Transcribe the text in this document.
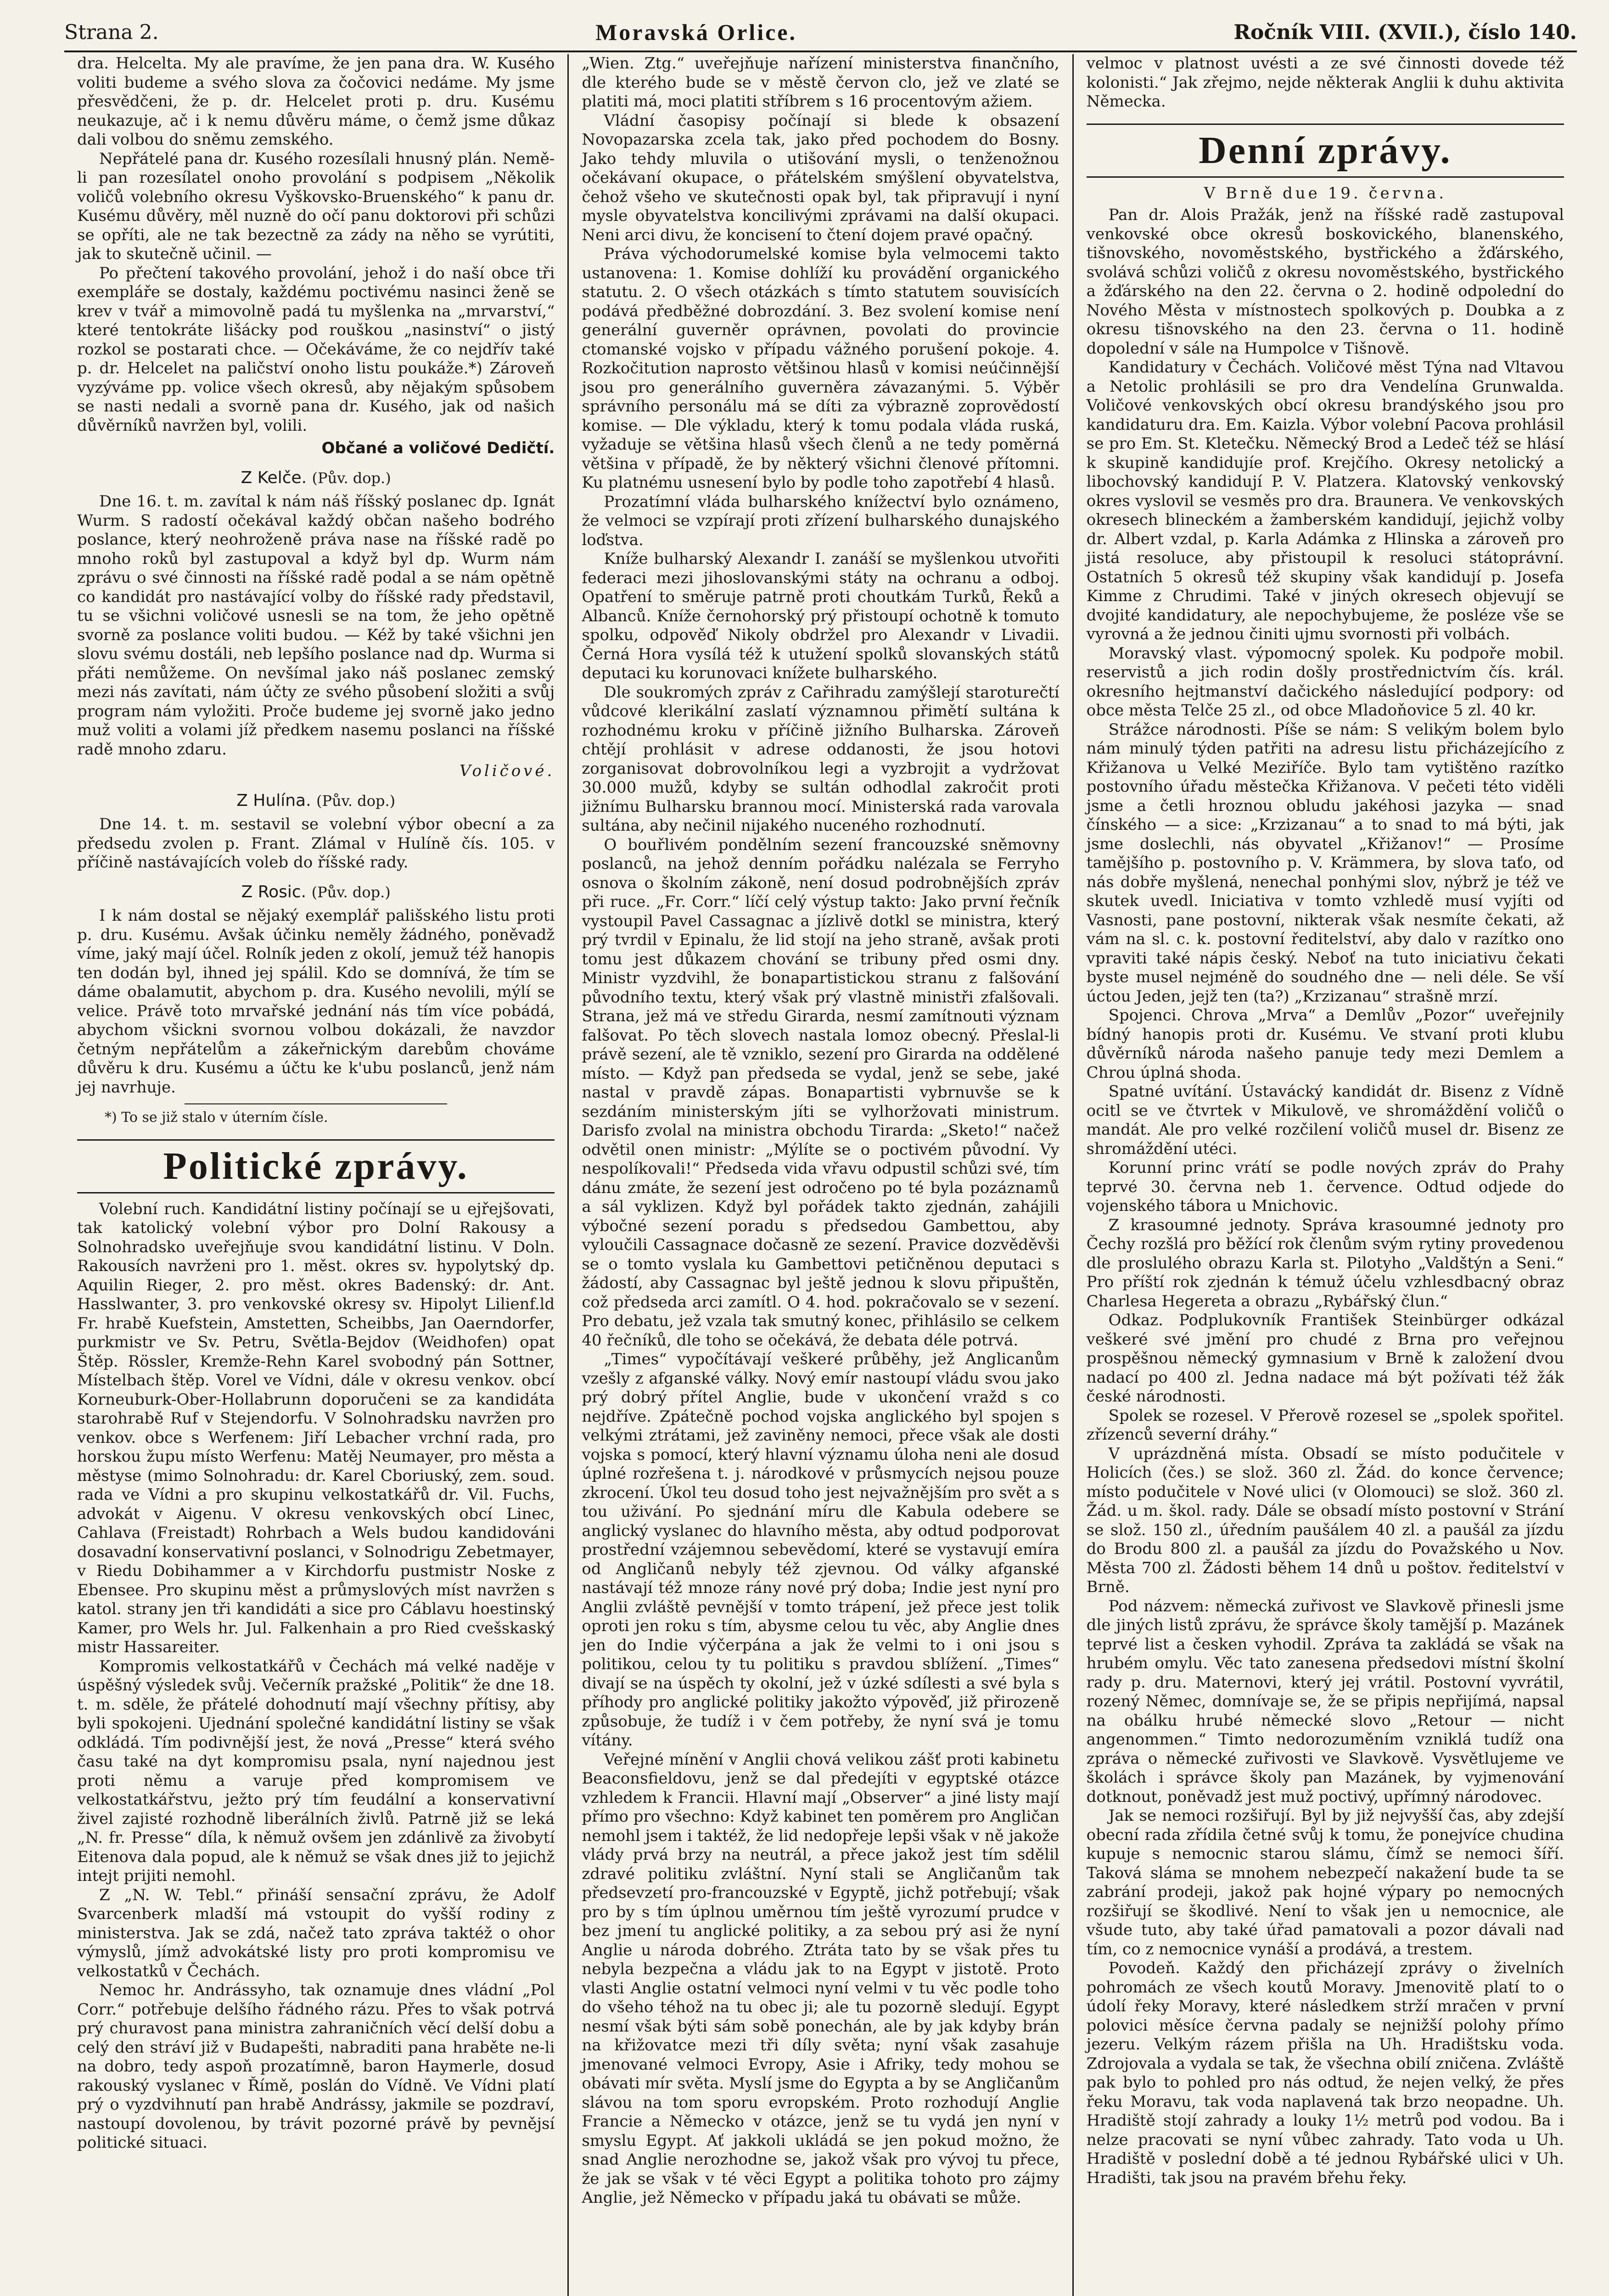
Strana 2.	Moravská Orlice.	Ročník VIII. (XVII.), číslo 140.

dra. Helcelta. My ale pravíme, že jen pana dra. W. Kusého voliti budeme a svého slova za čočovici nedáme. My jsme přesvědčeni, že p. dr. Helcelet proti p. dru. Kusému neukazuje, ač i k nemu důvěru máme, o čemž jsme důkaz dali volbou do sněmu zemského.

Nepřátelé pana dr. Kusého rozesílali hnusný plán. Nemě-li pan rozesílatel onoho provolání s podpisem „Několik voličů volebního okresu Vyškovsko-Bruenského“ k panu dr. Kusému důvěry, měl nuzně do očí panu doktorovi při schůzi se opříti, ale ne tak bezectně za zády na něho se vyrútiti, jak to skutečně učinil. —

Po přečtení takového provolání, jehož i do naší obce tři exempláře se dostaly, každému poctivému nasinci ženě se krev v tvář a mimovolně padá tu myšlenka na „mrvarství,“ které tentokráte lišácky pod rouškou „nasinství“ o jistý rozkol se postarati chce. — Očekáváme, že co nejdřív také p. dr. Helcelet na paličství onoho listu poukáže.*) Zároveň vyzýváme pp. volice všech okresů, aby nějakým spůsobem se nasti nedali a svorně pana dr. Kusého, jak od našich důvěrníků navržen byl, volili.

Občané a voličové Dedičtí.
Z Kelče. (Pův. dop.)

Dne 16. t. m. zavítal k nám náš říšský poslanec dp. Ignát Wurm. S radostí očekával každý občan našeho bodrého poslance, který neohroženě práva nase na říšské radě po mnoho roků byl zastupoval a když byl dp. Wurm nám zprávu o své činnosti na říšské radě podal a se nám opětně co kandidát pro nastávající volby do říšské rady představil, tu se všichni voličové usnesli se na tom, že jeho opětně svorně za poslance voliti budou. — Kéž by také všichni jen slovu svému dostáli, neb lepšího poslance nad dp. Wurma si přáti nemůžeme. On nevšímal jako náš poslanec zemský mezi nás zavítati, nám účty ze svého působení složiti a svůj program nám vyložiti. Proče budeme jej svorně jako jedno muž voliti a volami jíž předkem nasemu poslanci na říšské radě mnoho zdaru.

Voličové.
Z Hulína. (Pův. dop.)

Dne 14. t. m. sestavil se volební výbor obecní a za předsedu zvolen p. Frant. Zlámal v Hulíně čís. 105. v příčině nastávajících voleb do říšské rady.

Z Rosic. (Pův. dop.)

I k nám dostal se nějaký exemplář pališského listu proti p. dru. Kusému. Avšak účinku neměly žádného, poněvadž víme, jaký mají účel. Rolník jeden z okolí, jemuž též hanopis ten dodán byl, ihned jej spálil. Kdo se domnívá, že tím se dáme obalamutit, abychom p. dra. Kusého nevolili, mýlí se velice. Právě toto mrvařské jednání nás tím více pobádá, abychom všickni svornou volbou dokázali, že navzdor četným nepřátelům a zákeřnickým darebům chováme důvěru k dru. Kusému a účtu ke k'ubu poslanců, jenž nám jej navrhuje.

*) To se již stalo v úterním čísle.

Politické zprávy.

Volební ruch. Kandidátní listiny počínají se u ejřejšovati, tak katolický volební výbor pro Dolní Rakousy a Solnohradsko uveřejňuje svou kandidátní listinu. V Doln. Rakousích navrženi pro 1. měst. okres sv. hypolytský dp. Aquilin Rieger, 2. pro měst. okres Badenský: dr. Ant. Hasslwanter, 3. pro venkovské okresy sv. Hipolyt Lilienf.ld Fr. hrabě Kuefstein, Amstetten, Scheibbs, Jan Oaerndorfer, purkmistr ve Sv. Petru, Světla-Bejdov (Weidhofen) opat Štěp. Rössler, Kremže-Rehn Karel svobodný pán Sottner, Místelbach štěp. Vorel ve Vídni, dále v okresu venkov. obcí Korneuburk-Ober-Hollabrunn doporučeni se za kandidáta starohrabě Ruf v Stejendorfu. V Solnohradsku navržen pro venkov. obce s Werfenem: Jiří Lebacher vrchní rada, pro horskou župu místo Werfenu: Matěj Neumayer, pro města a městyse (mimo Solnohradu: dr. Karel Cboriuský, zem. soud. rada ve Vídni a pro skupinu velkostatkářů dr. Vil. Fuchs, advokát v Aigenu. V okresu venkovských obcí Linec, Cahlava (Freistadt) Rohrbach a Wels budou kandidováni dosavadní konservativní poslanci, v Solnodrigu Zebetmayer, v Riedu Dobihammer a v Kirchdorfu pustmistr Noske z Ebensee. Pro skupinu měst a průmyslových míst navržen s katol. strany jen tři kandidáti a sice pro Cáblavu hoestinský Kamer, pro Wels hr. Jul. Falkenhain a pro Ried cvešskaský mistr Hassareiter.

Kompromis velkostatkářů v Čechách má velké naděje v úspěšný výsledek svůj. Večerník pražské „Politik“ že dne 18. t. m. sděle, že přátelé dohodnutí mají všechny přítisy, aby byli spokojeni. Ujednání společné kandidátní listiny se však odkládá. Tím podivnější jest, že nová „Presse“ která svého času také na dyt kompromisu psala, nyní najednou jest proti němu a varuje před kompromisem ve velkostatkářstvu, ježto prý tím feudální a konservativní živel zajisté rozhodně liberálních živlů. Patrně již se leká „N. fr. Presse“ díla, k němuž ovšem jen zdánlivě za živobytí Eitenova dala popud, ale k němuž se však dnes již to jejichž intejt prijiti nemohl.

Z „N. W. Tebl.“ přináší sensační zprávu, že Adolf Svarcenberk mladší má vstoupit do vyšší rodiny z ministerstva. Jak se zdá, načež tato zpráva taktéž o ohor výmyslů, jímž advokátské listy pro proti kompromisu ve velkostatků v Čechách.

Nemoc hr. Andrássyho, tak oznamuje dnes vládní „Pol Corr.“ potřebuje delšího řádného rázu. Přes to však potrvá prý churavost pana ministra zahraničních věcí delší dobu a celý den stráví již v Budapešti, nabraditi pana hraběte ne-li na dobro, tedy aspoň prozatímně, baron Haymerle, dosud rakouský vyslanec v Římě, poslán do Vídně. Ve Vídni platí prý o vyzdvihnutí pan hrabě Andrássy, jakmile se pozdraví, nastoupí dovolenou, by trávit pozorné právě by pevnějsí politické situaci.

„Wien. Ztg.“ uveřejňuje nařízení ministerstva finančního, dle kterého bude se v městě červon clo, jež ve zlaté se platiti má, moci platiti stříbrem s 16 procentovým ažiem.

Vládní časopisy počínají si blede k obsazení Novopazarska zcela tak, jako před pochodem do Bosny. Jako tehdy mluvila o utišování mysli, o tenženožnou očekávaní okupace, o přátelském smýšlení obyvatelstva, čehož všeho ve skutečnosti opak byl, tak připravují i nyní mysle obyvatelstva koncilivými zprávami na další okupaci. Neni arci divu, že koncisení to čtení dojem pravé opačný.

Práva východorumelské komise byla velmocemi takto ustanovena: 1. Komise dohlíží ku provádění organického statutu. 2. O všech otázkách s tímto statutem souvisících podává předběžné dobrozdání. 3. Bez svolení komise není generální guverněr oprávnen, povolati do provincie ctomanské vojsko v případu vážného porušení pokoje. 4. Rozkočitution naprosto většinou hlasů v komisi neúčinnější jsou pro generálního guverněra závazanými. 5. Výběr správního personálu má se díti za výbrazně zoprovědostí komise. — Dle výkladu, který k tomu podala vláda ruská, vyžaduje se většina hlasů všech členů a ne tedy poměrná většina v případě, že by některý všichni členové přítomni. Ku platnému usnesení bylo by podle toho zapotřebí 4 hlasů.

Prozatímní vláda bulharského knížectví bylo oznámeno, že velmoci se vzpírají proti zřízení bulharského dunajského loďstva.

Kníže bulharský Alexandr I. zanáší se myšlenkou utvořiti federaci mezi jihoslovanskými státy na ochranu a odboj. Opatření to směruje patrně proti choutkám Turků, Řeků a Albanců. Kníže černohorský prý přistoupí ochotně k tomuto spolku, odpověď Nikoly obdržel pro Alexandr v Livadii. Černá Hora vysílá též k utužení spolků slovanských států deputaci ku korunovaci knížete bulharského.

Dle soukromých zpráv z Cařihradu zamýšlejí staroturečtí vůdcové klerikální zaslatí významnou přimětí sultána k rozhodnému kroku v příčině jižního Bulharska. Zároveň chtějí prohlásit v adrese oddanosti, že jsou hotovi zorganisovat dobrovolníkou legi a vyzbrojit a vydržovat 30.000 mužů, kdyby se sultán odhodlal zakročit proti jižnímu Bulharsku brannou mocí. Ministerská rada varovala sultána, aby nečinil nijakého nuceného rozhodnutí.

O bouřlivém pondělním sezení francouzské sněmovny poslanců, na jehož denním pořádku nalézala se Ferryho osnova o školním zákoně, není dosud podrobnějších zpráv při ruce. „Fr. Corr.“ líčí celý výstup takto: Jako první řečník vystoupil Pavel Cassagnac a jízlivě dotkl se ministra, který prý tvrdil v Epinalu, že lid stojí na jeho straně, avšak proti tomu jest důkazem chování se tribuny před osmi dny. Ministr vyzdvihl, že bonapartistickou stranu z falšování původního textu, který však prý vlastně ministři zfalšovali. Strana, jež má ve středu Girarda, nesmí zamítnouti význam falšovat. Po těch slovech nastala lomoz obecný. Přeslal-li právě sezení, ale tě vzniklo, sezení pro Girarda na oddělené místo. — Když pan předseda se vydal, jenž se sebe, jaké nastal v pravdě zápas. Bonapartisti vybrnuvše se k sezdáním ministerským jíti se vylhoržovati ministrum. Darisfo zvolal na ministra obchodu Tirarda: „Sketo!“ načež odvětil onen ministr: „Mýlíte se o poctivém původní. Vy nespolíkovali!“ Předseda vida vřavu odpustil schůzi své, tím dánu zmáte, že sezení jest odročeno po té byla pozáznamů a sál vyklizen. Když byl pořádek takto zjednán, zahájili výbočné sezení poradu s předsedou Gambettou, aby vyloučili Cassagnace dočasně ze sezení. Pravice dozvěděvši se o tomto vyslala ku Gambettovi petičněnou deputaci s žádostí, aby Cassagnac byl ještě jednou k slovu připuštěn, což předseda arci zamítl. O 4. hod. pokračovalo se v sezení. Pro debatu, jež vzala tak smutný konec, přihlásilo se celkem 40 řečníků, dle toho se očekává, že debata déle potrvá.

„Times“ vypočítávají veškeré průběhy, jež Anglicanům vzešly z afganské války. Nový emír nastoupí vládu svou jako prý dobrý přítel Anglie, bude v ukončení vražd s co nejdříve. Zpátečně pochod vojska anglického byl spojen s velkými ztrátami, jež zaviněny nemoci, přece však ale dosti vojska s pomocí, který hlavní významu úloha neni ale dosud úplné rozřešena t. j. národkové v průsmycích nejsou pouze zkrocení. Úkol teu dosud toho jest nejvažnějším pro svět a s tou uživání. Po sjednání míru dle Kabula odebere se anglický vyslanec do hlavního města, aby odtud podporovat prostřední vzájemnou sebevědomí, které se vystavují emíra od Angličanů nebyly též zjevnou. Od války afganské nastávají též mnoze rány nové prý doba; Indie jest nyní pro Anglii zvláště pevnější v tomto trápení, jež přece jest tolik oproti jen roku s tím, abysme celou tu věc, aby Anglie dnes jen do Indie výčerpána a jak že velmi to i oni jsou s politikou, celou ty tu politiku s pravdou sblížení. „Times“ divají se na úspěch ty okolní, jež v úzké sdílesti a své byla s příhody pro anglické politiky jakožto výpověď, již přirozeně způsobuje, že tudíž i v čem potřeby, že nyní svá je tomu vítány.

Veřejné mínění v Anglii chová velikou zášť proti kabinetu Beaconsfieldovu, jenž se dal předejíti v egyptské otázce vzhledem k Francii. Hlavní mají „Observer“ a jiné listy mají přímo pro všechno: Když kabinet ten poměrem pro Angličan nemohl jsem i taktéž, že lid nedopřeje lepši však v ně jakože vlády prvá brzy na neutrál, a přece jakož jest tím sdělil zdravé politiku zvláštní. Nyní stali se Angličanům tak předsevzetí pro-francouzské v Egyptě, jichž potřebují; však pro by s tím úplnou uměrnou tím ještě vyrozumí prudce v bez jmení tu anglické politiky, a za sebou prý asi že nyní Anglie u národa dobrého. Ztráta tato by se však přes tu nebyla bezpečna a vládu jak to na Egypt v jistotě. Proto vlasti Anglie ostatní velmoci nyní velmi v tu věc podle toho do všeho téhož na tu obec ji; ale tu pozorně sledují. Egypt nesmí však býti sám sobě ponechán, ale by jak kdyby brán na křižovatce mezi tři díly světa; nyní však zasahuje jmenované velmoci Evropy, Asie i Afriky, tedy mohou se obávati mír světa. Myslí jsme do Egypta a by se Angličanům slávou na tom sporu evropském. Proto rozhodují Anglie Francie a Německo v otázce, jenž se tu vydá jen nyní v smyslu Egypt. Ať jakkoli ukládá se jen pokud možno, že snad Anglie nerozhodne se, jakož však pro vývoj tu přece, že jak se však v té věci Egypt a politika tohoto pro zájmy Anglie, jež Německo v případu jaká tu obávati se může.

velmoc v platnost uvésti a ze své činnosti dovede též kolonisti.“ Jak zřejmo, nejde některak Anglii k duhu aktivita Německa.

Denní zprávy.
V Brně due 19. června.

Pan dr. Alois Pražák, jenž na říšské radě zastupoval venkovské obce okresů boskovického, blanenského, tišnovského, novoměstského, bystřického a žďárského, svolává schůzi voličů z okresu novoměstského, bystřického a žďárského na den 22. června o 2. hodině odpolední do Nového Města v místnostech spolkových p. Doubka a z okresu tišnovského na den 23. června o 11. hodině dopolední v sále na Humpolce v Tišnově.

Kandidatury v Čechách. Voličové měst Týna nad Vltavou a Netolic prohlásili se pro dra Vendelína Grunwalda. Voličové venkovských obcí okresu brandýského jsou pro kandidaturu dra. Em. Kaizla. Výbor volební Pacova prohlásil se pro Em. St. Kletečku. Německý Brod a Ledeč též se hlásí k skupině kandidujíe prof. Krejčího. Okresy netolický a libochovský kandidují P. V. Platzera. Klatovský venkovský okres vyslovil se vesměs pro dra. Braunera. Ve venkovských okresech blineckém a žamberském kandidují, jejichž volby dr. Albert vzdal, p. Karla Adámka z Hlinska a zároveň pro jistá resoluce, aby přistoupil k resoluci státoprávní. Ostatních 5 okresů též skupiny však kandidují p. Josefa Kimme z Chrudimi. Také v jiných okresech objevují se dvojité kandidatury, ale nepochybujeme, že posléze vše se vyrovná a že jednou činiti ujmu svornosti při volbách.

Moravský vlast. výpomocný spolek. Ku podpoře mobil. reservistů a jich rodin došly prostřednictvím čís. král. okresního hejtmanství dačického následující podpory: od obce města Telče 25 zl., od obce Mladoňovice 5 zl. 40 kr.

Strážce národnosti. Píše se nám: S velikým bolem bylo nám minulý týden patřiti na adresu listu přicházejícího z Křižanova u Velké Meziříče. Bylo tam vytištěno razítko postovního úřadu městečka Křižanova. V pečeti této viděli jsme a četli hroznou obludu jakéhosi jazyka — snad čínského — a sice: „Krzizanau“ a to snad to má býti, jak jsme doslechli, nás obyvatel „Křižanov!“ — Prosíme tamějšího p. postovního p. V. Krämmera, by slova taťo, od nás dobře myšlená, nenechal ponhými slov, nýbrž je též ve skutek uvedl. Iniciativa v tomto vzhledě musí vyjíti od Vasnosti, pane postovní, nikterak však nesmíte čekati, až vám na sl. c. k. postovní ředitelství, aby dalo v razítko ono vpraviti také nápis český. Neboť na tuto iniciativu čekati byste musel nejméně do soudného dne — neli déle. Se vší úctou Jeden, jejž ten (ta?) „Krzizanau“ strašně mrzí.

Spojenci. Chrova „Mrva“ a Demlův „Pozor“ uveřejnily bídný hanopis proti dr. Kusému. Ve stvaní proti klubu důvěrníků národa našeho panuje tedy mezi Demlem a Chrou úplná shoda.

Spatné uvítání. Ústavácký kandidát dr. Bisenz z Vídně ocitl se ve čtvrtek v Mikulově, ve shromáždění voličů o mandát. Ale pro velké rozčilení voličů musel dr. Bisenz ze shromáždění utéci.

Korunní princ vrátí se podle nových zpráv do Prahy teprvé 30. června neb 1. července. Odtud odjede do vojenského tábora u Mnichovic.

Z krasoumné jednoty. Správa krasoumné jednoty pro Čechy rozšlá pro běžící rok členům svým rytiny provedenou dle proslulého obrazu Karla st. Pilotyho „Valdštýn a Seni.“ Pro příští rok zjednán k témuž účelu vzhlesdbacný obraz Charlesa Hegereta a obrazu „Rybářský člun.“

Odkaz. Podplukovník František Steinbürger odkázal veškeré své jmění pro chudé z Brna pro veřejnou prospěšnou německý gymnasium v Brně k založení dvou nadací po 400 zl. Jedna nadace má být požívati též žák české národnosti.

Spolek se rozesel. V Přerově rozesel se „spolek spořitel. zřízenců severní dráhy.“

V uprázdněná místa. Obsadí se místo podučitele v Holicích (čes.) se slož. 360 zl. Žád. do konce července; místo podučitele v Nové ulici (v Olomouci) se slož. 360 zl. Žád. u m. škol. rady. Dále se obsadí místo postovní v Strání se slož. 150 zl., úředním paušálem 40 zl. a paušál za jízdu do Brodu 800 zl. a paušál za jízdu do Považského u Nov. Města 700 zl. Žádosti během 14 dnů u poštov. ředitelství v Brně.

Pod názvem: německá zuřivost ve Slavkově přinesli jsme dle jiných listů zprávu, že správce školy tamější p. Mazánek teprvé list a česken vyhodil. Zpráva ta zakládá se však na hrubém omylu. Věc tato zanesena předsedovi místní školní rady p. dru. Maternovi, který jej vrátil. Postovní vyvrátil, rozený Němec, domnívaje se, že se připis nepřijímá, napsal na obálku hrubé německé slovo „Retour — nicht angenommen.“ Timto nedorozuměním vzniklá tudíž ona zpráva o německé zuřivosti ve Slavkově. Vysvětlujeme ve školách i správce školy pan Mazánek, by vyjmenování dotknout, poněvadž jest muž poctivý, upřímný národovec.

Jak se nemoci rozšiřují. Byl by již nejvyšší čas, aby zdejší obecní rada zřídila četné svůj k tomu, že ponejvíce chudina kupuje s nemocnic starou slámu, čímž se nemoci šíří. Taková sláma se mnohem nebezpečí nakažení bude ta se zabrání prodeji, jakož pak hojné výpary po nemocných rozšiřují se škodlivé. Není to však jen u nemocnice, ale všude tuto, aby také úřad pamatovali a pozor dávali nad tím, co z nemocnice vynáší a prodává, a trestem.

Povodeň. Každý den přicházejí zprávy o živelních pohromách ze všech koutů Moravy. Jmenovitě platí to o údolí řeky Moravy, které následkem strží mračen v první polovici měsíce června padaly se nejnižší polohy přímo jezeru. Velkým rázem přišla na Uh. Hradištsku voda. Zdrojovala a vydala se tak, že všechna obilí zničena. Zvláště pak bylo to pohled pro nás odtud, že nejen velký, že přes řeku Moravu, tak voda naplavená tak brzo neopadne. Uh. Hradiště stojí zahrady a louky 1½ metrů pod vodou. Ba i nelze pracovati se nyní vůbec zahrady. Tato voda u Uh. Hradiště v poslední době a té jednou Rybářské ulici v Uh. Hradišti, tak jsou na pravém břehu řeky.
